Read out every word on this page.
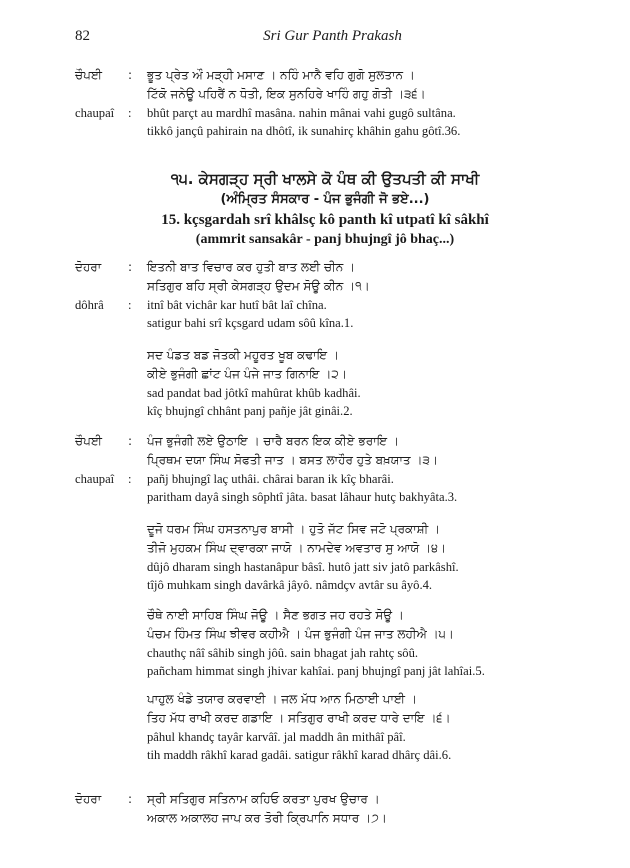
82	Sri Gur Panth Prakash
ਚੌਪਈ	: ਭੂਤ ਪ੍ਰੇਤ ਔ ਮੜ੍ਹੀ ਮਸਾਣ । ਨਹਿੰ ਮਾਨੈ ਵਹਿ ਗੁਗੋ ਸੁਲਤਾਨ ।
ਟਿੱਕੋ ਜਨੇਊ ਪਹਿਰੈਂ ਨ ਧੋਤੀ, ਇਕ ਸੁਨਹਿਰੇ ਖਾਹਿੰ ਗਹੁ ਗੋਤੀ ।੩੬।
chaupaî	: bhût parçt au mardhî masâna. nahin mânai vahi gugô sultâna.
tikkô jançû pahirain na dhôtî, ik sunahirç khâhin gahu gôtî.36.
੧੫. ਕੇਸਗੜ੍ਹ ਸ੍ਰੀ ਖਾਲਸੇ ਕੋ ਪੰਥ ਕੀ ਉਤਪਤੀ ਕੀ ਸਾਖੀ
(ਅੰਮ੍ਰਿਤ ਸੰਸਕਾਰ - ਪੰਜ ਭੁਜੰਗੀ ਜੋ ਭਏ...)
15. kçsgardah srî khâlsç kô panth kî utpatî kî sâkhî
(ammrit sansakâr - panj bhujngî jô bhaç...)
ਦੋਹਰਾ	: ਇਤਨੀ ਬਾਤ ਵਿਚਾਰ ਕਰ ਹੁਤੀ ਬਾਤ ਲਈ ਚੀਨ ।
ਸਤਿਗੁਰ ਬਹਿ ਸ੍ਰੀ ਕੇਸਗੜ੍ਹ ਉਦਮ ਸੋਊ ਕੀਨ ।੧।
dôhrâ	: itnî bât vichâr kar hutî bât laî chîna.
satigur bahi srî kçsgard udam sôû kîna.1.
ਸਦ ਪੰਡਤ ਬਡ ਜੋਤਕੀ ਮਹੂਰਤ ਖੂਬ ਕਢਾਇ ।
ਕੀਏ ਭੁਜੰਗੀ ਛਾਂਟ ਪੰਜ ਪੰਜੇ ਜਾਤ ਗਿਨਾਇ ।੨।
sad pandat bad jôtkî mahûrat khûb kadhâi.
kîç bhujngî chhânt panj pañje jât ginâi.2.
ਚੌਪਈ	: ਪੰਜ ਭੁਜੰਗੀ ਲਏ ਉਠਾਇ । ਚਾਰੈ ਬਰਨ ਇਕ ਕੀਏ ਭਰਾਇ ।
ਪ੍ਰਿਥਮ ਦਯਾ ਸਿੰਘ ਸੋਫਤੀ ਜਾਤ । ਬਸਤ ਲਾਹੌਰ ਹੁਤੇ ਬਖ਼ਯਾਤ ।੩।
chaupaî	: pañj bhujngî laç uthâi. chârai baran ik kîç bharâi.
paritham dayâ singh sôphtî jâta. basat lâhaur hutç bakhyâta.3.
ਦੂਜੋ ਧਰਮ ਸਿੰਘ ਹਸਤਨਾਪੁਰ ਬਾਸੀ । ਹੁਤੋ ਜੱਟ ਸਿਵ ਜਟੋ ਪ੍ਰਕਾਸ਼ੀ ।
ਤੀਜੋ ਮੁਹਕਮ ਸਿੰਘ ਦ੍ਵਾਰਕਾ ਜਾਯੋ । ਨਾਮਦੇਵ ਅਵਤਾਰ ਸੁ ਆਯੋ ।੪।
dûjô dharam singh hastanâpur bâsî. hutô jatt siv jatô parkâshî.
tîjô muhkam singh davârkâ jâyô. nâmdçv avtâr su âyô.4.
ਚੌਥੇ ਨਾਈ ਸਾਹਿਬ ਸਿੰਘ ਜੋਊ । ਸੈਣ ਭਗਤ ਜਹ ਰਹਤੇ ਸੋਊ ।
ਪੰਚਮ ਹਿੰਮਤ ਸਿੰਘ ਝੀਵਰ ਕਹੀਐ । ਪੰਜ ਭੁਜੰਗੀ ਪੰਜ ਜਾਤ ਲਹੀਐ ।੫।
chauthç nâî sâhib singh jôû. sain bhagat jah rahtç sôû.
pañcham himmat singh jhivar kahîai. panj bhujngî panj jât lahîai.5.
ਪਾਹੁਲ ਖੰਡੇ ਤਯਾਰ ਕਰਵਾਈ । ਜਲ ਮੱਧ ਆਨ ਮਿਠਾਈ ਪਾਈ ।
ਤਿਹ ਮੱਧ ਰਾਖੀ ਕਰਦ ਗਡਾਇ । ਸਤਿਗੁਰ ਰਾਖੀ ਕਰਦ ਧਾਰੇ ਦਾਇ ।੬।
pâhul khandç tayâr karvâî. jal maddh ân mithâî pâî.
tih maddh râkhî karad gadâi. satigur râkhî karad dhârç dâi.6.
ਦੋਹਰਾ	: ਸ੍ਰੀ ਸਤਿਗੁਰ ਸਤਿਨਾਮ ਕਹਿਓ ਕਰਤਾ ਪੁਰਖ ਉਚਾਰ ।
ਅਕਾਲ ਅਕਾਲਹ ਜਾਪ ਕਰ ਤੋਰੀ ਕ੍ਰਿਪਾਨਿ ਸਧਾਰ ।੭।
